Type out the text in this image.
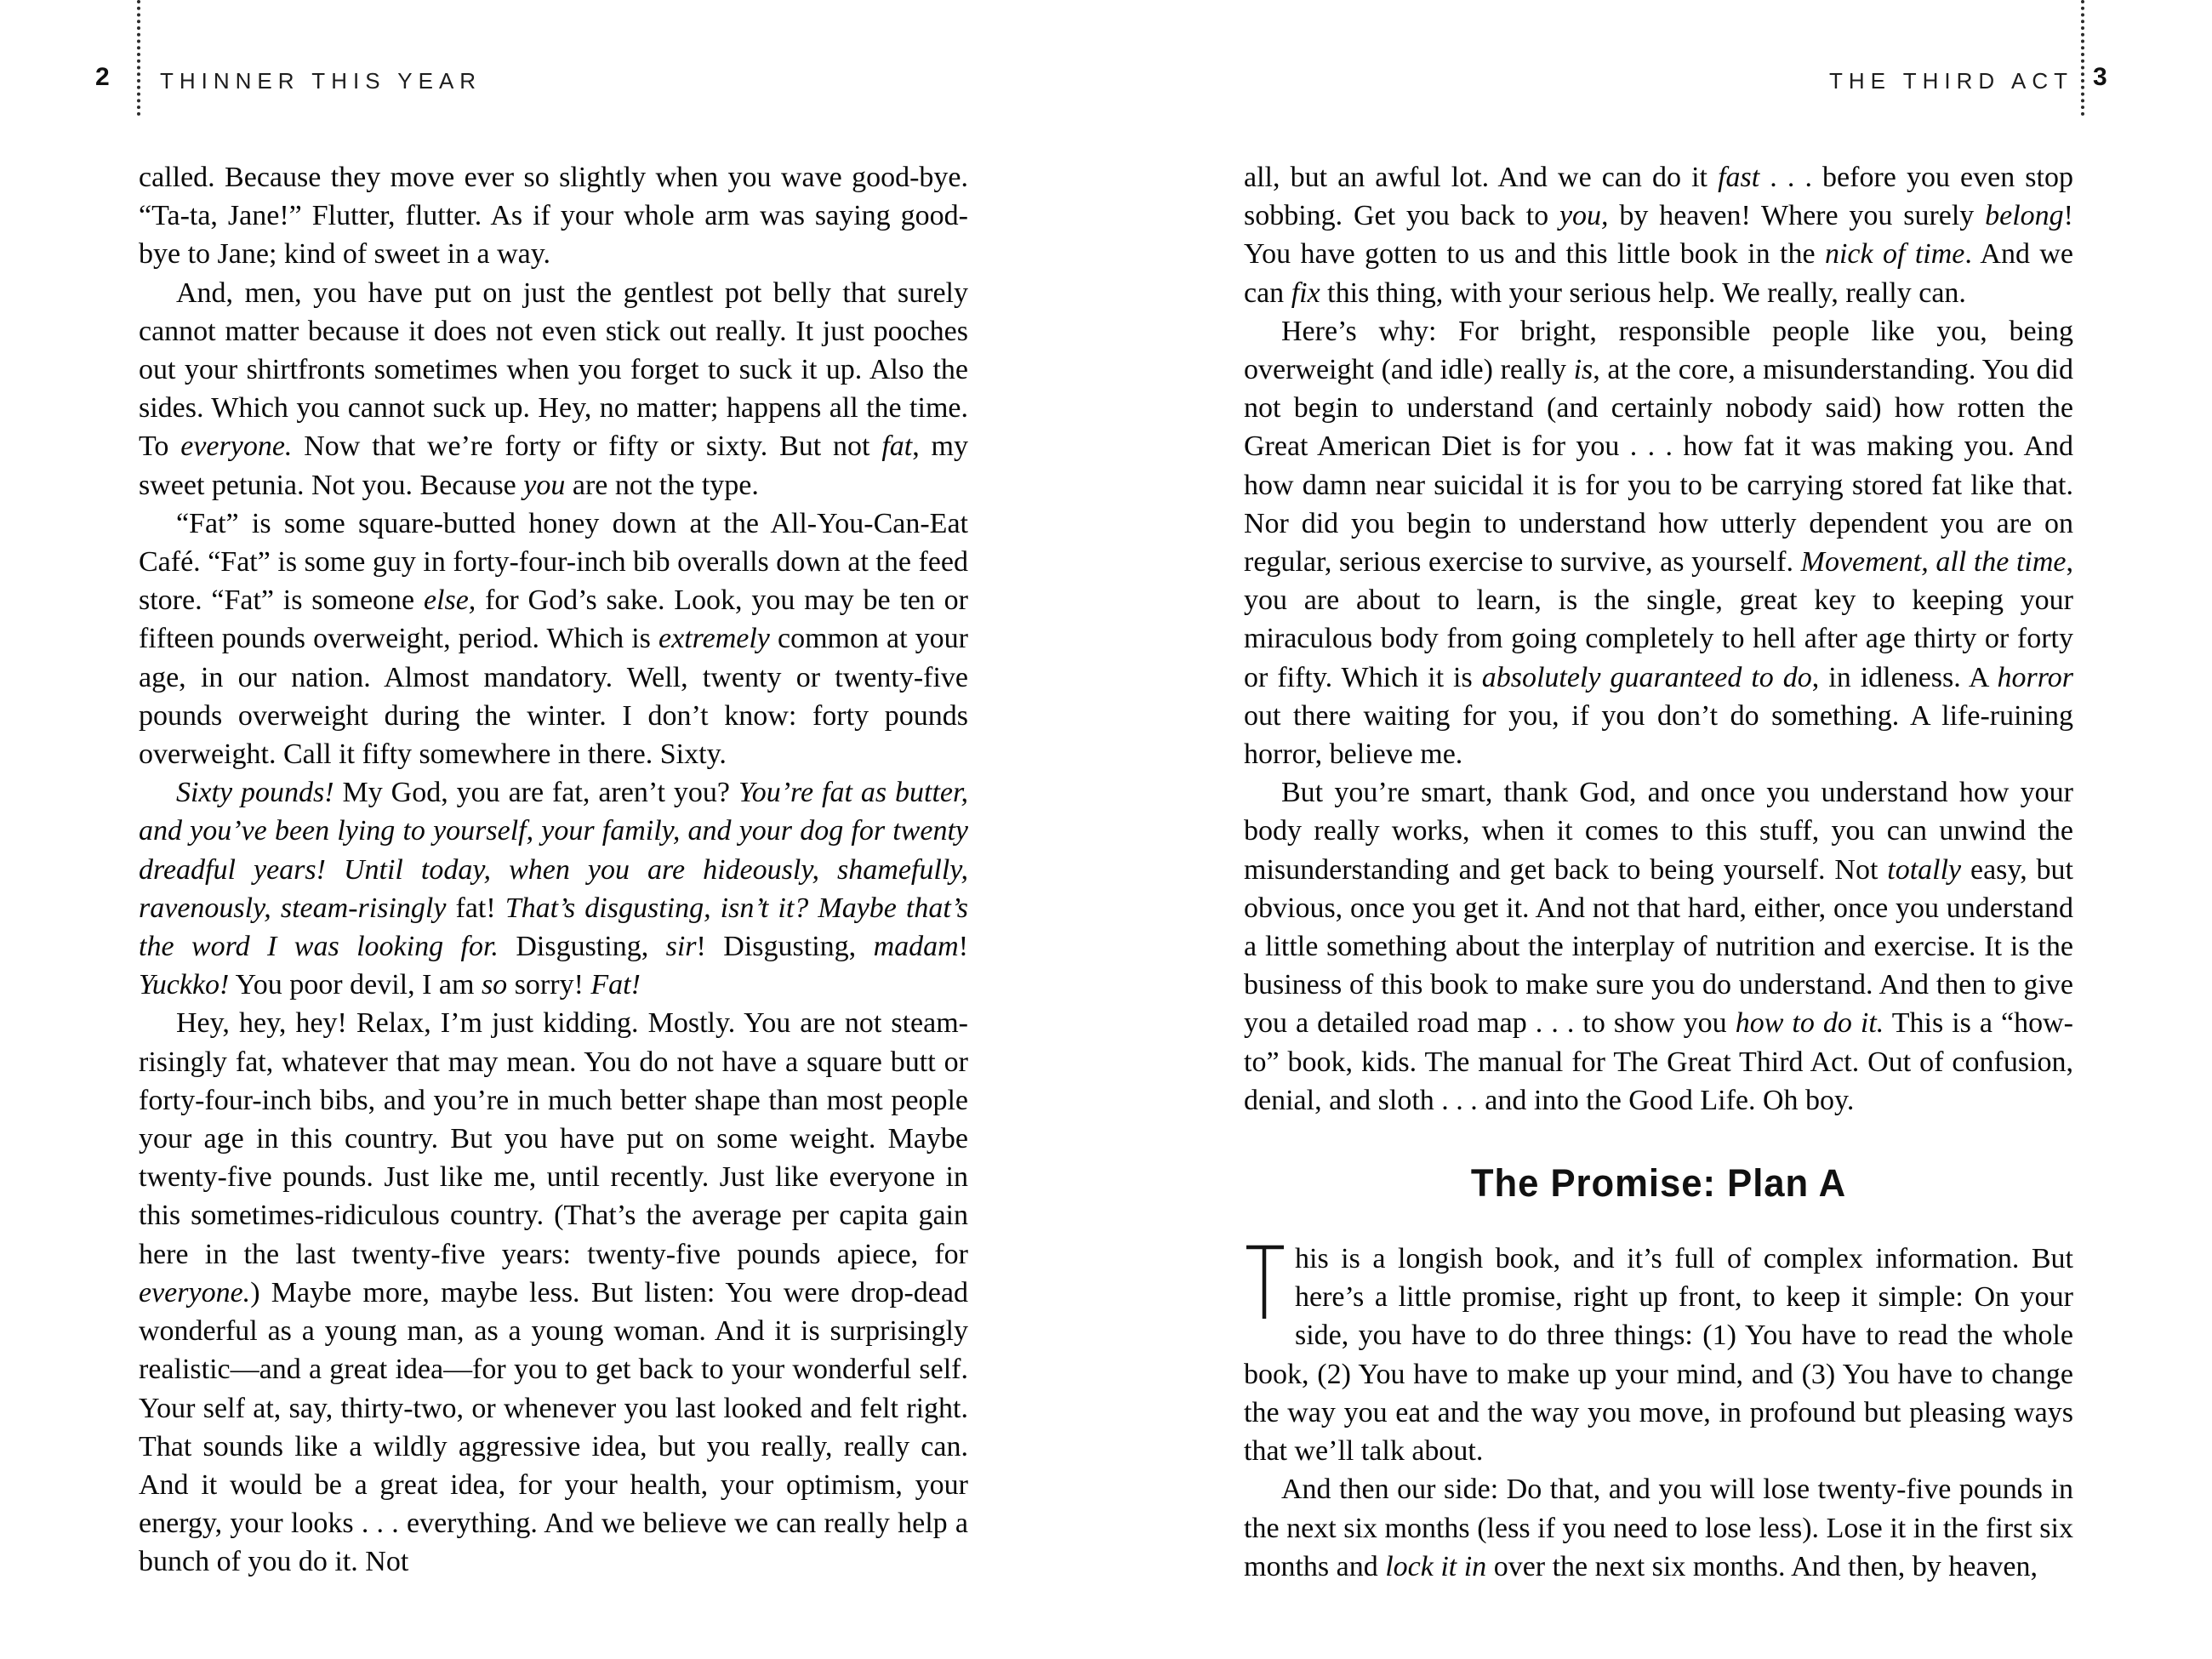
2 THINNER THIS YEAR	THE THIRD ACT 3

called. Because they move ever so slightly when you wave good-bye. “Ta-ta, Jane!” Flutter, flutter. As if your whole arm was saying good-bye to Jane; kind of sweet in a way.

And, men, you have put on just the gentlest pot belly that surely cannot matter because it does not even stick out really. It just pooches out your shirtfronts sometimes when you forget to suck it up. Also the sides. Which you cannot suck up. Hey, no matter; happens all the time. To everyone. Now that we’re forty or fifty or sixty. But not fat, my sweet petunia. Not you. Because you are not the type.

“Fat” is some square-butted honey down at the All-You-Can-Eat Café. “Fat” is some guy in forty-four-inch bib overalls down at the feed store. “Fat” is someone else, for God’s sake. Look, you may be ten or fifteen pounds overweight, period. Which is extremely common at your age, in our nation. Almost mandatory. Well, twenty or twenty-five pounds overweight during the winter. I don’t know: forty pounds overweight. Call it fifty somewhere in there. Sixty.

Sixty pounds! My God, you are fat, aren’t you? You’re fat as butter, and you’ve been lying to yourself, your family, and your dog for twenty dreadful years! Until today, when you are hideously, shamefully, ravenously, steam-risingly fat! That’s disgusting, isn’t it? Maybe that’s the word I was looking for. Disgusting, sir! Disgusting, madam! Yuckko! You poor devil, I am so sorry! Fat!

Hey, hey, hey! Relax, I’m just kidding. Mostly. You are not steam-risingly fat, whatever that may mean. You do not have a square butt or forty-four-inch bibs, and you’re in much better shape than most people your age in this country. But you have put on some weight. Maybe twenty-five pounds. Just like me, until recently. Just like everyone in this sometimes-ridiculous country. (That’s the average per capita gain here in the last twenty-five years: twenty-five pounds apiece, for everyone.) Maybe more, maybe less. But listen: You were drop-dead wonderful as a young man, as a young woman. And it is surprisingly realistic—and a great idea—for you to get back to your wonderful self. Your self at, say, thirty-two, or whenever you last looked and felt right. That sounds like a wildly aggressive idea, but you really, really can. And it would be a great idea, for your health, your optimism, your energy, your looks . . . everything. And we believe we can really help a bunch of you do it. Not

all, but an awful lot. And we can do it fast . . . before you even stop sobbing. Get you back to you, by heaven! Where you surely belong! You have gotten to us and this little book in the nick of time. And we can fix this thing, with your serious help. We really, really can.

Here’s why: For bright, responsible people like you, being overweight (and idle) really is, at the core, a misunderstanding. You did not begin to understand (and certainly nobody said) how rotten the Great American Diet is for you . . . how fat it was making you. And how damn near suicidal it is for you to be carrying stored fat like that. Nor did you begin to understand how utterly dependent you are on regular, serious exercise to survive, as yourself. Movement, all the time, you are about to learn, is the single, great key to keeping your miraculous body from going completely to hell after age thirty or forty or fifty. Which it is absolutely guaranteed to do, in idleness. A horror out there waiting for you, if you don’t do something. A life-ruining horror, believe me.

But you’re smart, thank God, and once you understand how your body really works, when it comes to this stuff, you can unwind the misunderstanding and get back to being yourself. Not totally easy, but obvious, once you get it. And not that hard, either, once you understand a little something about the interplay of nutrition and exercise. It is the business of this book to make sure you do understand. And then to give you a detailed road map . . . to show you how to do it. This is a “how-to” book, kids. The manual for The Great Third Act. Out of confusion, denial, and sloth . . . and into the Good Life. Oh boy.

The Promise: Plan A

his is a longish book, and it’s full of complex information. But here’s a little promise, right up front, to keep it simple: On your side, you have to do three things: (1) You have to read the whole book, (2) You have to make up your mind, and (3) You have to change the way you eat and the way you move, in profound but pleasing ways that we’ll talk about.

And then our side: Do that, and you will lose twenty-five pounds in the next six months (less if you need to lose less). Lose it in the first six months and lock it in over the next six months. And then, by heaven,
